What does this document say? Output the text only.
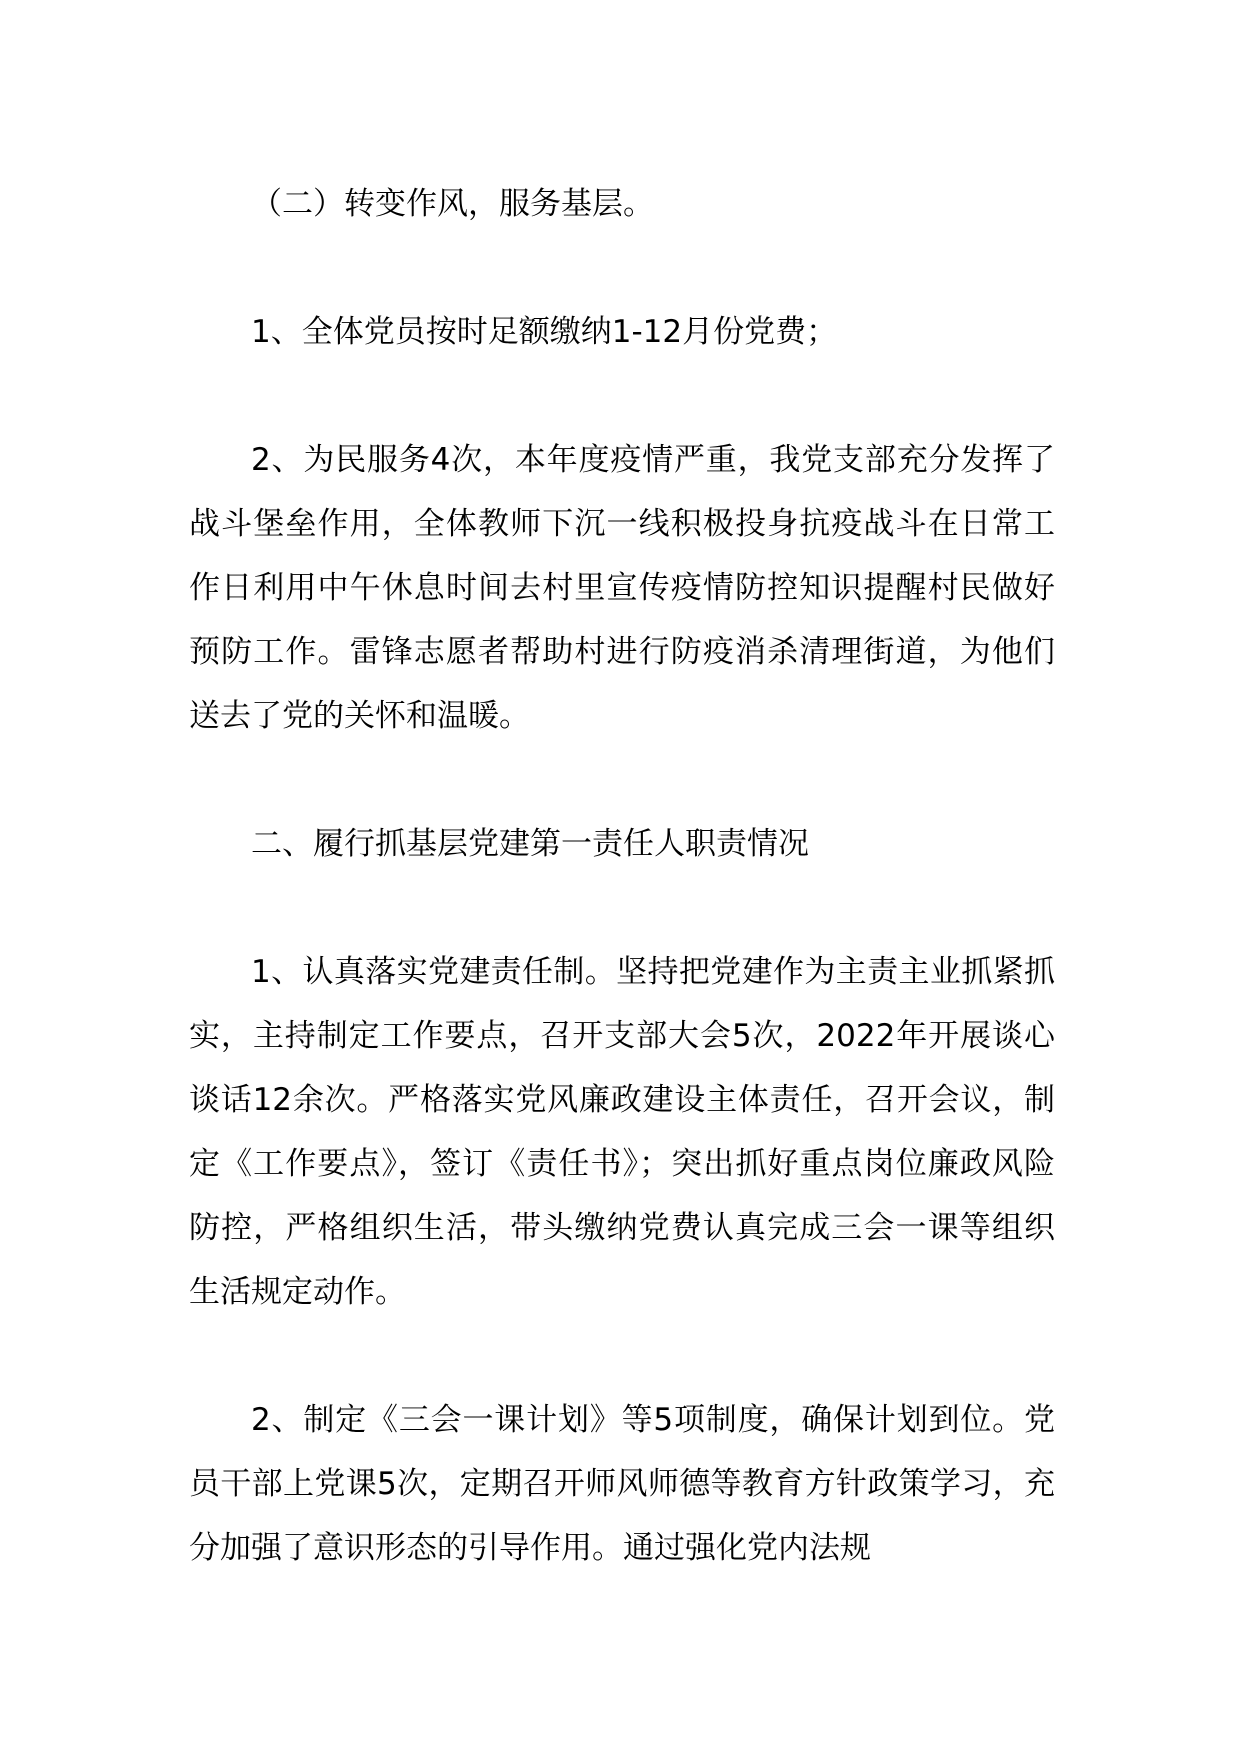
（二）转变作风，服务基层。

1、全体党员按时足额缴纳1-12月份党费；

2、为民服务4次，本年度疫情严重，我党支部充分发挥了战斗堡垒作用，全体教师下沉一线积极投身抗疫战斗在日常工作日利用中午休息时间去村里宣传疫情防控知识提醒村民做好预防工作。雷锋志愿者帮助村进行防疫消杀清理街道，为他们送去了党的关怀和温暖。

二、履行抓基层党建第一责任人职责情况

1、认真落实党建责任制。坚持把党建作为主责主业抓紧抓实，主持制定工作要点，召开支部大会5次，2022年开展谈心谈话12余次。严格落实党风廉政建设主体责任，召开会议，制定《工作要点》，签订《责任书》；突出抓好重点岗位廉政风险防控，严格组织生活，带头缴纳党费认真完成三会一课等组织生活规定动作。

2、制定《三会一课计划》等5项制度，确保计划到位。党员干部上党课5次，定期召开师风师德等教育方针政策学习，充分加强了意识形态的引导作用。通过强化党内法规
